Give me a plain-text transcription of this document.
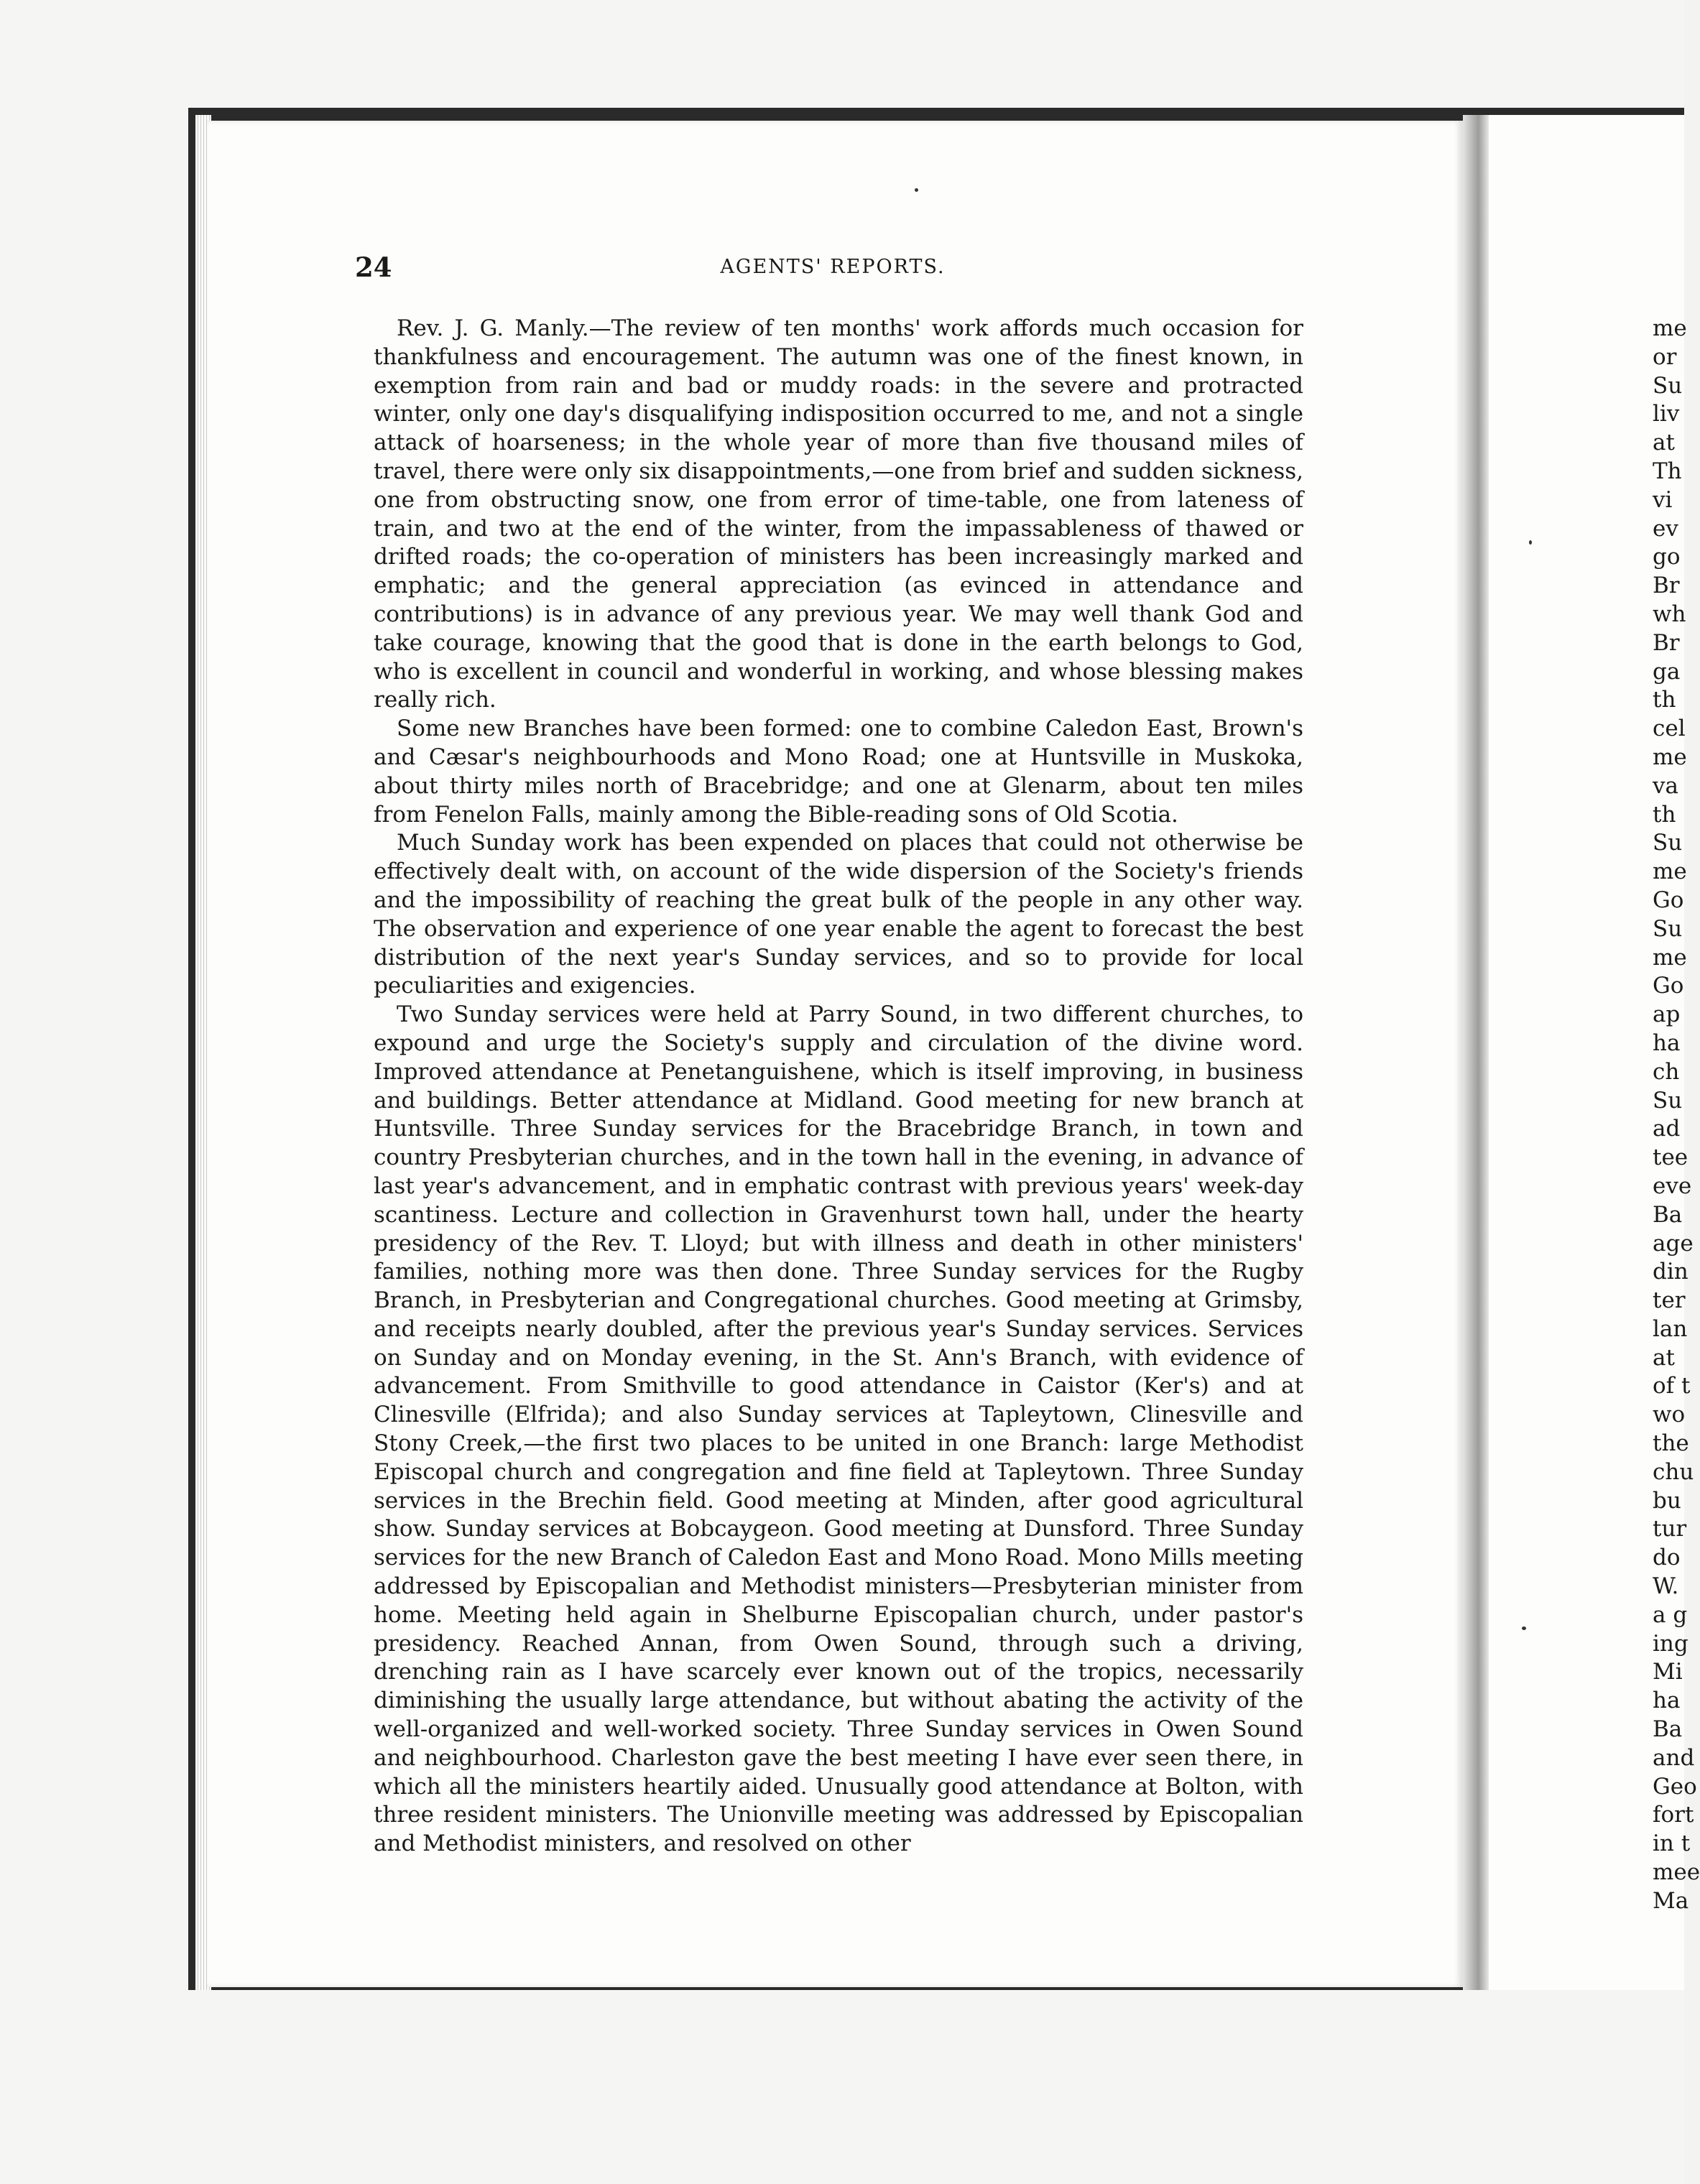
24	AGENTS' REPORTS.

Rev. J. G. Manly.—The review of ten months' work affords much occasion for thankfulness and encouragement. The autumn was one of the finest known, in exemption from rain and bad or muddy roads: in the severe and protracted winter, only one day's disqualifying indisposition occurred to me, and not a single attack of hoarseness; in the whole year of more than five thousand miles of travel, there were only six disappointments,—one from brief and sudden sickness, one from obstructing snow, one from error of time-table, one from lateness of train, and two at the end of the winter, from the impassableness of thawed or drifted roads; the co-operation of ministers has been increasingly marked and emphatic; and the general appreciation (as evinced in attendance and contributions) is in advance of any previous year. We may well thank God and take courage, knowing that the good that is done in the earth belongs to God, who is excellent in council and wonderful in working, and whose blessing makes really rich.

Some new Branches have been formed: one to combine Caledon East, Brown's and Cæsar's neighbourhoods and Mono Road; one at Huntsville in Muskoka, about thirty miles north of Bracebridge; and one at Glenarm, about ten miles from Fenelon Falls, mainly among the Bible-reading sons of Old Scotia.

Much Sunday work has been expended on places that could not otherwise be effectively dealt with, on account of the wide dispersion of the Society's friends and the impossibility of reaching the great bulk of the people in any other way. The observation and experience of one year enable the agent to forecast the best distribution of the next year's Sunday services, and so to provide for local peculiarities and exigencies.

Two Sunday services were held at Parry Sound, in two different churches, to expound and urge the Society's supply and circulation of the divine word. Improved attendance at Penetanguishene, which is itself improving, in business and buildings. Better attendance at Midland. Good meeting for new branch at Huntsville. Three Sunday services for the Bracebridge Branch, in town and country Presbyterian churches, and in the town hall in the evening, in advance of last year's advancement, and in emphatic contrast with previous years' week-day scantiness. Lecture and collection in Gravenhurst town hall, under the hearty presidency of the Rev. T. Lloyd; but with illness and death in other ministers' families, nothing more was then done. Three Sunday services for the Rugby Branch, in Presbyterian and Congregational churches. Good meeting at Grimsby, and receipts nearly doubled, after the previous year's Sunday services. Services on Sunday and on Monday evening, in the St. Ann's Branch, with evidence of advancement. From Smithville to good attendance in Caistor (Ker's) and at Clinesville (Elfrida); and also Sunday services at Tapleytown, Clinesville and Stony Creek,—the first two places to be united in one Branch: large Methodist Episcopal church and congregation and fine field at Tapleytown. Three Sunday services in the Brechin field. Good meeting at Minden, after good agricultural show. Sunday services at Bobcaygeon. Good meeting at Dunsford. Three Sunday services for the new Branch of Caledon East and Mono Road. Mono Mills meeting addressed by Episcopalian and Methodist ministers—Presbyterian minister from home. Meeting held again in Shelburne Episcopalian church, under pastor's presidency. Reached Annan, from Owen Sound, through such a driving, drenching rain as I have scarcely ever known out of the tropics, necessarily diminishing the usually large attendance, but without abating the activity of the well-organized and well-worked society. Three Sunday services in Owen Sound and neighbourhood. Charleston gave the best meeting I have ever seen there, in which all the ministers heartily aided. Unusually good attendance at Bolton, with three resident ministers. The Unionville meeting was addressed by Episcopalian and Methodist ministers, and resolved on other

me
or
Su
liv
at
Th
vi
ev
go
Br
wh
Br
ga
th
cel
me
va
th
Su
me
Go
Su
me
Go
ap
ha
ch
Su
ad
tee
eve
Ba
age
din
ter
lan
at
of t
wo
the
chu
bu
tur
do
W.
a g
ing
Mi
ha
Ba
and
Geo
fort
in t
mee
Ma
